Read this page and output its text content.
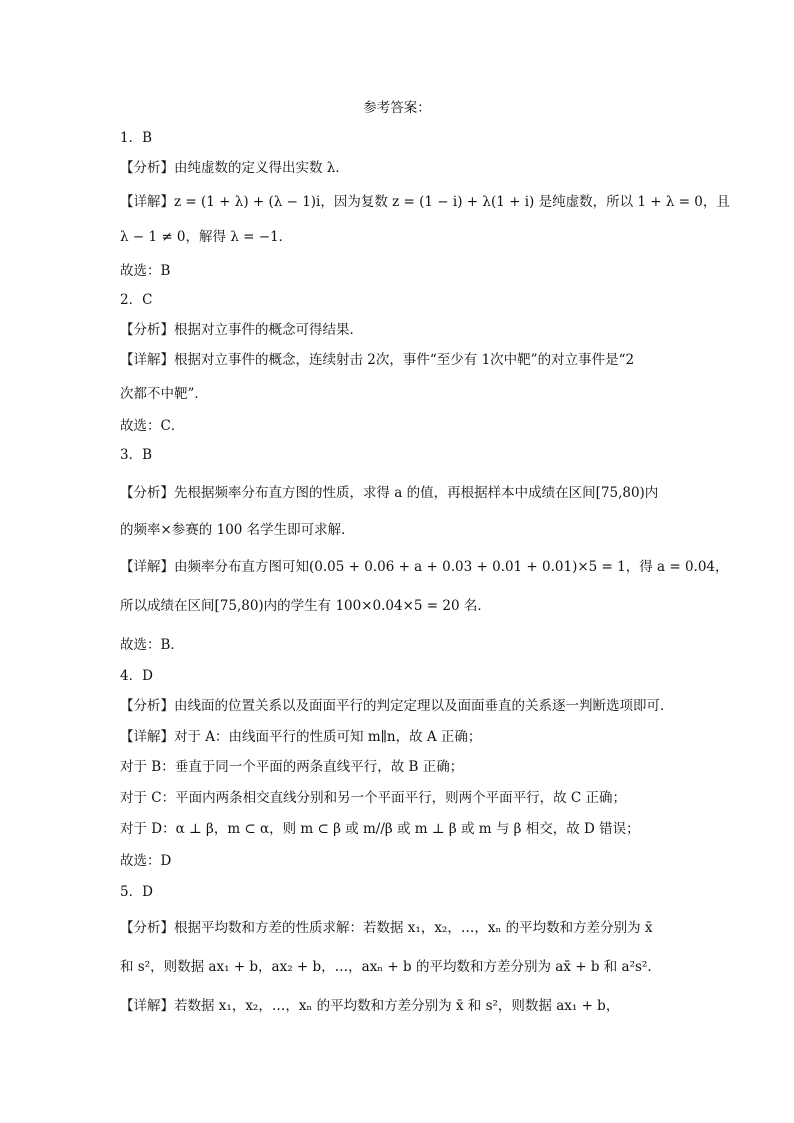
参考答案：
1．B
【分析】由纯虚数的定义得出实数 λ．
【详解】z = (1 + λ) + (λ − 1)i，因为复数 z = (1 − i) + λ(1 + i) 是纯虚数，所以 1 + λ = 0，且
λ − 1 ≠ 0，解得 λ = −1．
故选：B
2．C
【分析】根据对立事件的概念可得结果．
【详解】根据对立事件的概念，连续射击 2次，事件“至少有 1次中靶”的对立事件是“2
次都不中靶”．
故选：C．
3．B
【分析】先根据频率分布直方图的性质，求得 a 的值，再根据样本中成绩在区间[75,80)内
的频率×参赛的 100 名学生即可求解．
【详解】由频率分布直方图可知(0.05 + 0.06 + a + 0.03 + 0.01 + 0.01)×5 = 1，得 a = 0.04，
所以成绩在区间[75,80)内的学生有 100×0.04×5 = 20 名．
故选：B．
4．D
【分析】由线面的位置关系以及面面平行的判定定理以及面面垂直的关系逐一判断选项即可．
【详解】对于 A：由线面平行的性质可知 m∥n，故 A 正确；
对于 B：垂直于同一个平面的两条直线平行，故 B 正确；
对于 C：平面内两条相交直线分别和另一个平面平行，则两个平面平行，故 C 正确；
对于 D：α ⊥ β，m ⊂ α，则 m ⊂ β 或 m//β 或 m ⊥ β 或 m 与 β 相交，故 D 错误；
故选：D
5．D
【分析】根据平均数和方差的性质求解：若数据 x₁，x₂，…，xₙ 的平均数和方差分别为 x̄
和 s²，则数据 ax₁ + b，ax₂ + b，…，axₙ + b 的平均数和方差分别为 ax̄ + b 和 a²s²．
【详解】若数据 x₁，x₂，…，xₙ 的平均数和方差分别为 x̄ 和 s²，则数据 ax₁ + b，
